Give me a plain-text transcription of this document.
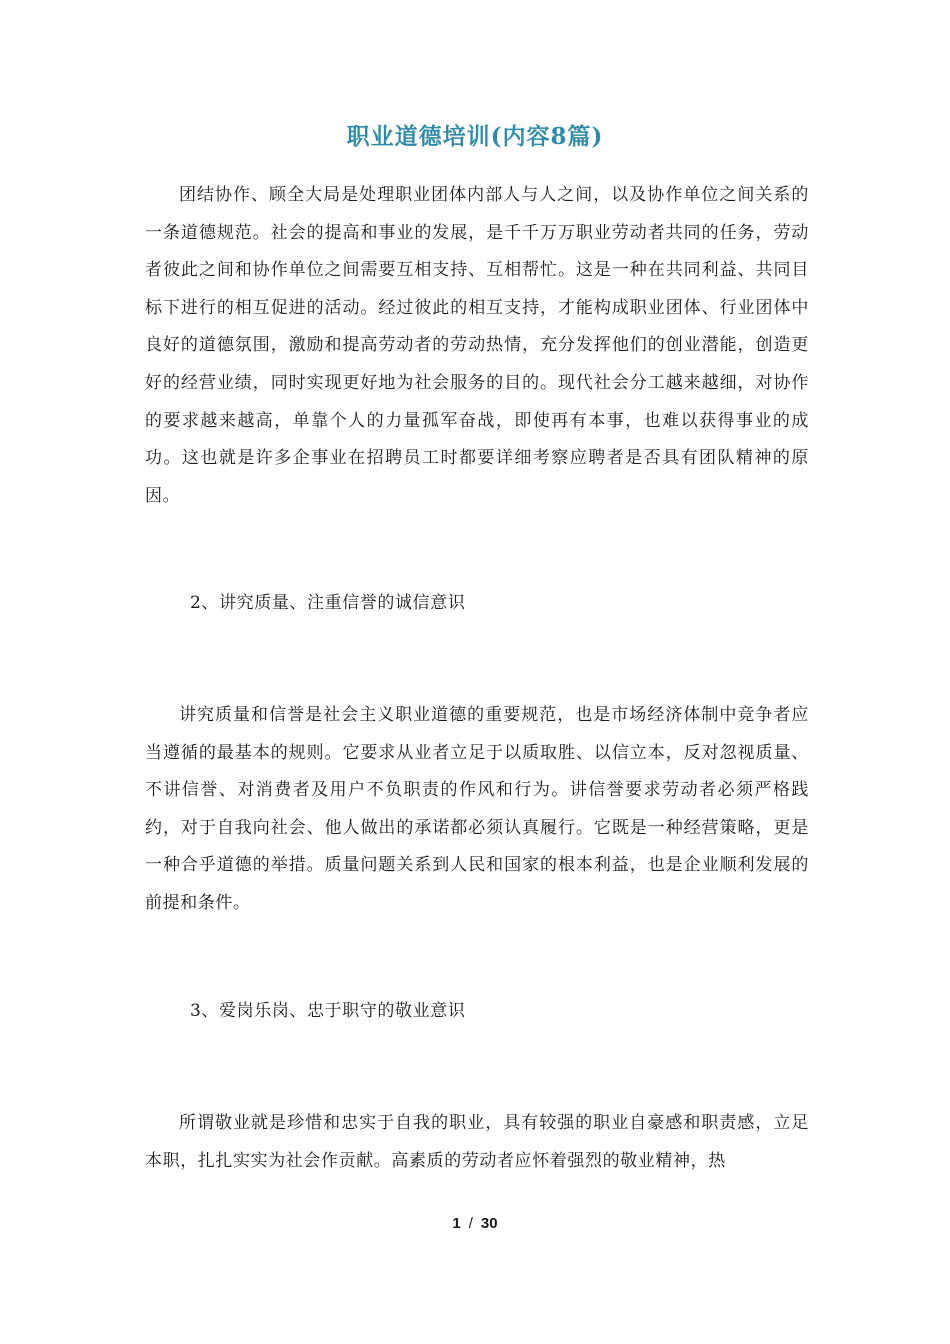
职业道德培训(内容8篇)

团结协作、顾全大局是处理职业团体内部人与人之间，以及协作单位之间关系的一条道德规范。社会的提高和事业的发展，是千千万万职业劳动者共同的任务，劳动者彼此之间和协作单位之间需要互相支持、互相帮忙。这是一种在共同利益、共同目标下进行的相互促进的活动。经过彼此的相互支持，才能构成职业团体、行业团体中良好的道德氛围，激励和提高劳动者的劳动热情，充分发挥他们的创业潜能，创造更好的经营业绩，同时实现更好地为社会服务的目的。现代社会分工越来越细，对协作的要求越来越高，单靠个人的力量孤军奋战，即使再有本事，也难以获得事业的成功。这也就是许多企事业在招聘员工时都要详细考察应聘者是否具有团队精神的原因。

2、讲究质量、注重信誉的诚信意识

讲究质量和信誉是社会主义职业道德的重要规范，也是市场经济体制中竞争者应当遵循的最基本的规则。它要求从业者立足于以质取胜、以信立本，反对忽视质量、不讲信誉、对消费者及用户不负职责的作风和行为。讲信誉要求劳动者必须严格践约，对于自我向社会、他人做出的承诺都必须认真履行。它既是一种经营策略，更是一种合乎道德的举措。质量问题关系到人民和国家的根本利益，也是企业顺利发展的前提和条件。

3、爱岗乐岗、忠于职守的敬业意识

所谓敬业就是珍惜和忠实于自我的职业，具有较强的职业自豪感和职责感，立足本职，扎扎实实为社会作贡献。高素质的劳动者应怀着强烈的敬业精神，热

1 / 30
